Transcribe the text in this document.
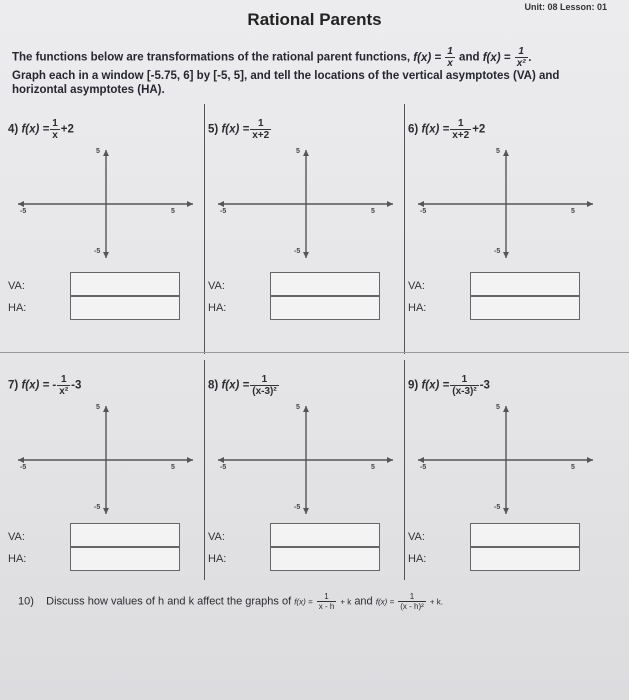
Unit: 08 Lesson: 01
Rational Parents
The functions below are transformations of the rational parent functions, $f(x) = \frac{1}{x}$ and $f(x) = \frac{1}{\text{x²}}$ .
Graph each in a window [-5.75, 6] by [-5, 5], and tell the locations of the vertical asymptotes (VA) and
horizontal asymptotes (HA).
4) $f(x) = \frac{1}{x} +2$
-5	5
5
-5
VA:
HA:
5) $f(x) = \frac{1}{x+2}$
-5	5
5
-5
VA:
HA:
6) $f(x) = \frac{1}{x+2} +2$
-5	5
5
-5
VA:
HA:
7) f(x) = - $\frac{1}{\text{x²}} -3$
-5	5
5
-5
VA:
HA:
8) $f(x) = \frac{1}{\text{(x-3)²}}$
-5	5
5
-5
VA:
HA:
9) $f(x) = \frac{1}{\text{(x-3)²}} -3$
-5	5
5
-5
VA:
HA:
10) Discuss how values of h and k affect the graphs of $f(x) = \frac{1}{x - h} + k$ and $f(x) = \frac{1}{\text{(x - h)²}} + k$.
